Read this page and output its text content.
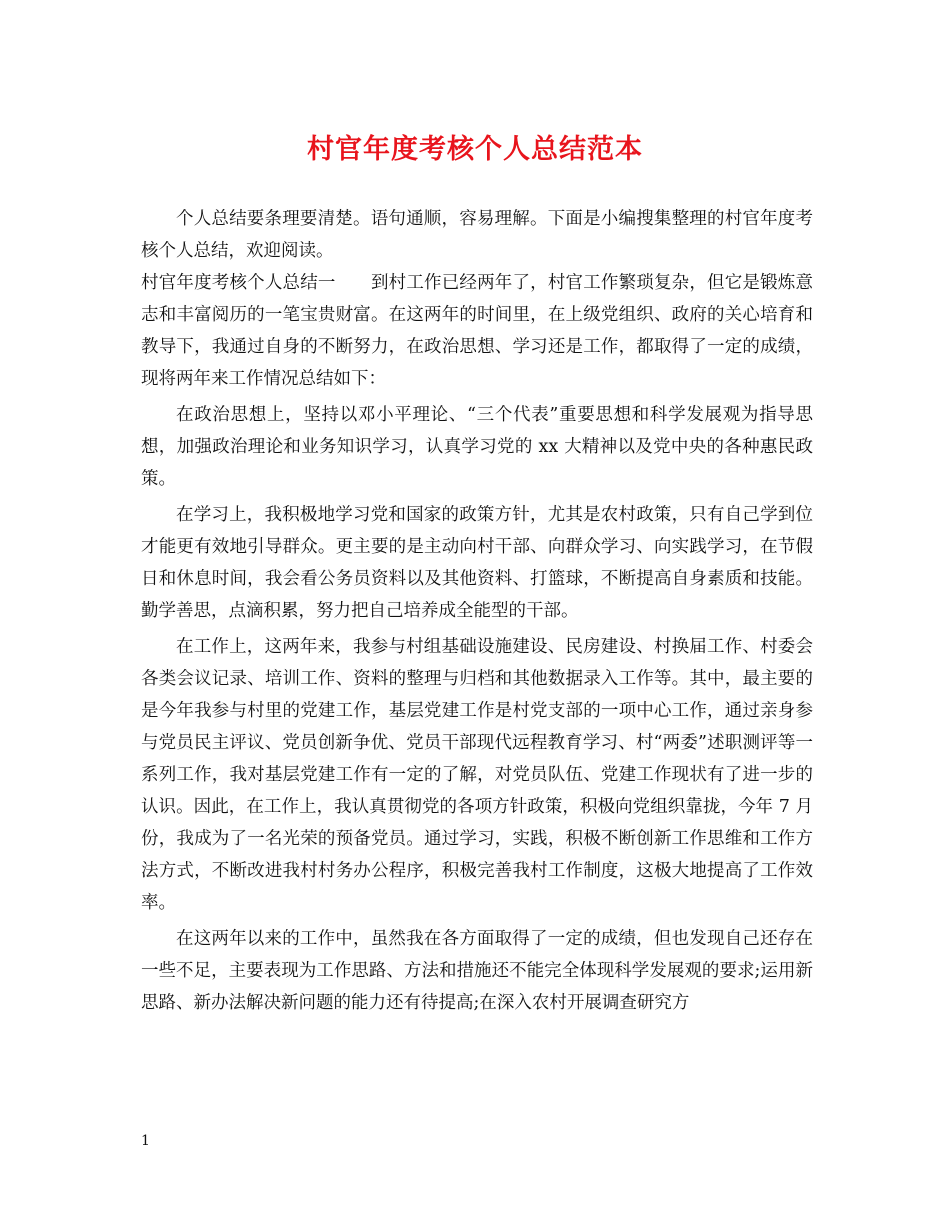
村官年度考核个人总结范本

个人总结要条理要清楚。语句通顺，容易理解。下面是小编搜集整理的村官年度考核个人总结，欢迎阅读。

村官年度考核个人总结一　　到村工作已经两年了，村官工作繁琐复杂，但它是锻炼意志和丰富阅历的一笔宝贵财富。在这两年的时间里，在上级党组织、政府的关心培育和教导下，我通过自身的不断努力，在政治思想、学习还是工作，都取得了一定的成绩，现将两年来工作情况总结如下：

在政治思想上，坚持以邓小平理论、“三个代表”重要思想和科学发展观为指导思想，加强政治理论和业务知识学习，认真学习党的 xx 大精神以及党中央的各种惠民政策。

在学习上，我积极地学习党和国家的政策方针，尤其是农村政策，只有自己学到位才能更有效地引导群众。更主要的是主动向村干部、向群众学习、向实践学习，在节假日和休息时间，我会看公务员资料以及其他资料、打篮球，不断提高自身素质和技能。勤学善思，点滴积累，努力把自己培养成全能型的干部。

在工作上，这两年来，我参与村组基础设施建设、民房建设、村换届工作、村委会各类会议记录、培训工作、资料的整理与归档和其他数据录入工作等。其中，最主要的是今年我参与村里的党建工作，基层党建工作是村党支部的一项中心工作，通过亲身参与党员民主评议、党员创新争优、党员干部现代远程教育学习、村“两委”述职测评等一系列工作，我对基层党建工作有一定的了解，对党员队伍、党建工作现状有了进一步的认识。因此，在工作上，我认真贯彻党的各项方针政策，积极向党组织靠拢，今年 7 月份，我成为了一名光荣的预备党员。通过学习，实践，积极不断创新工作思维和工作方法方式，不断改进我村村务办公程序，积极完善我村工作制度，这极大地提高了工作效率。

在这两年以来的工作中，虽然我在各方面取得了一定的成绩，但也发现自己还存在一些不足，主要表现为工作思路、方法和措施还不能完全体现科学发展观的要求;运用新思路、新办法解决新问题的能力还有待提高;在深入农村开展调查研究方

1
